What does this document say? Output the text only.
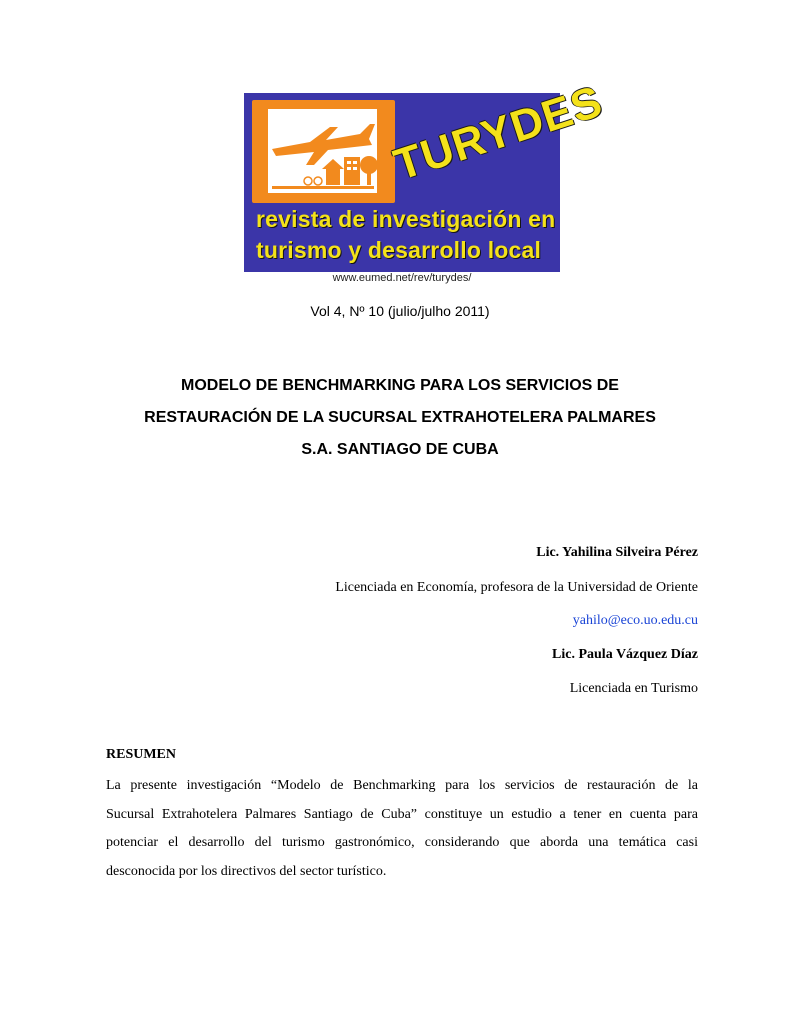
TURYDES
revista de investigación en
turismo y desarrollo local
www.eumed.net/rev/turydes/
Vol 4, Nº 10 (julio/julho 2011)
MODELO DE BENCHMARKING PARA LOS SERVICIOS DE
RESTAURACIÓN DE LA SUCURSAL EXTRAHOTELERA PALMARES
S.A. SANTIAGO DE CUBA
Lic. Yahilina Silveira Pérez
Licenciada en Economía, profesora de la Universidad de Oriente
yahilo@eco.uo.edu.cu
Lic. Paula Vázquez Díaz
Licenciada en Turismo
RESUMEN

La presente investigación “Modelo de Benchmarking para los servicios de restauración de la
Sucursal Extrahotelera Palmares Santiago de Cuba” constituye un estudio a tener en cuenta para
potenciar el desarrollo del turismo gastronómico, considerando que aborda una temática casi
desconocida por los directivos del sector turístico.
